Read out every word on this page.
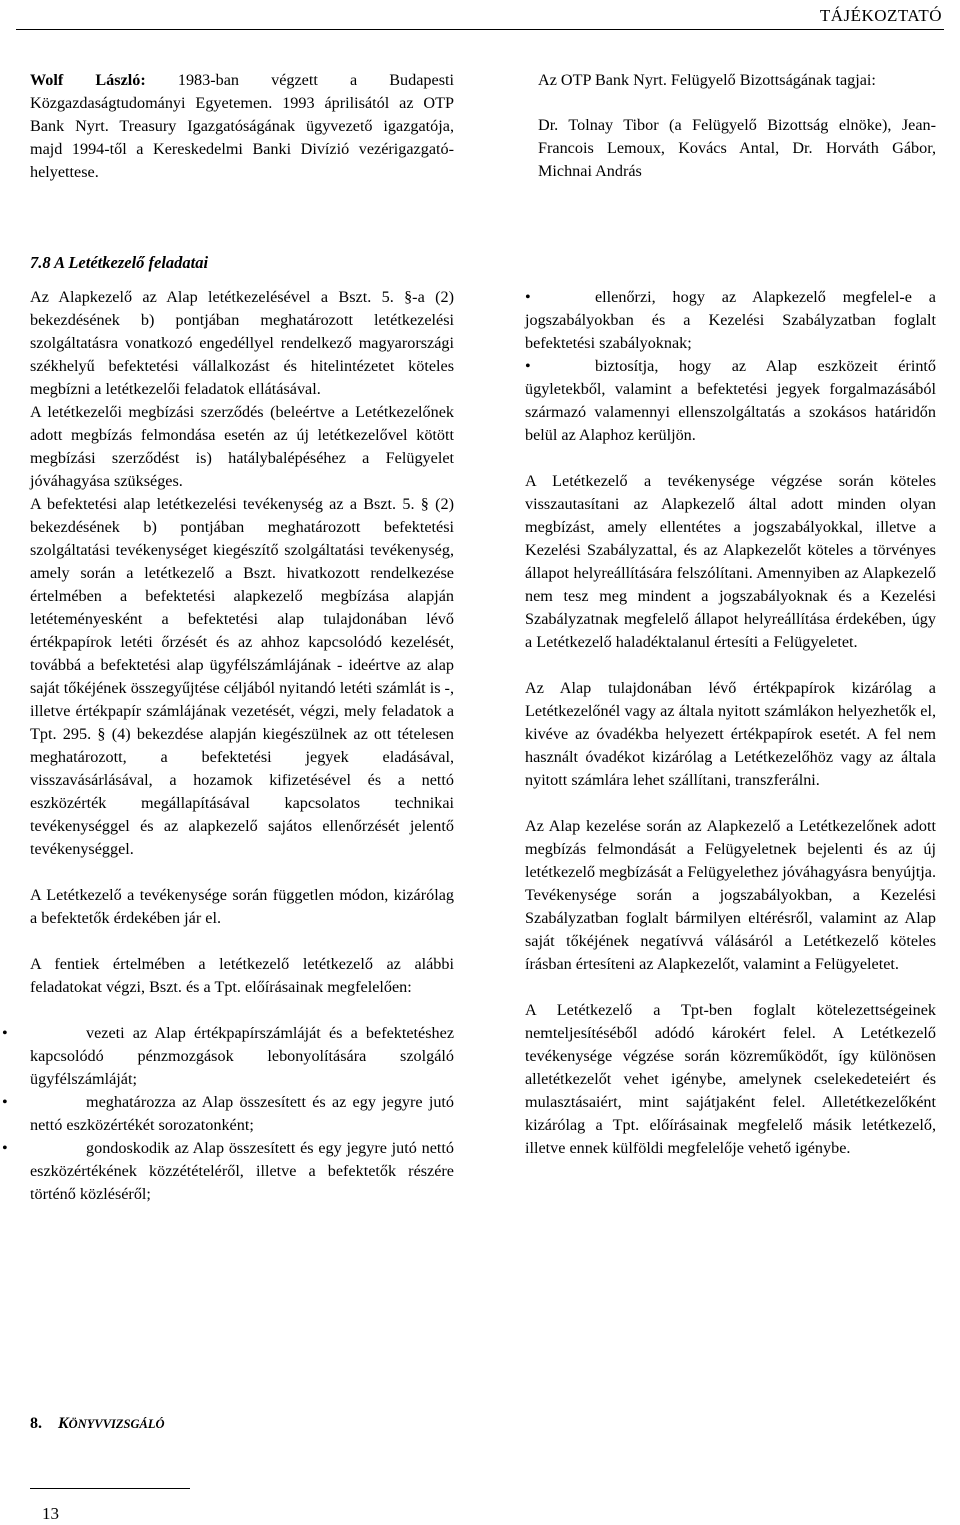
TÁJÉKOZTATÓ

Wolf László: 1983-ban végzett a Budapesti Közgazdaságtudományi Egyetemen. 1993 áprilisától az OTP Bank Nyrt. Treasury Igazgatóságának ügyvezető igazgatója, majd 1994-től a Kereskedelmi Banki Divízió vezérigazgató-helyettese.

Az OTP Bank Nyrt. Felügyelő Bizottságának tagjai:

Dr. Tolnay Tibor (a Felügyelő Bizottság elnöke), Jean-Francois Lemoux, Kovács Antal, Dr. Horváth Gábor, Michnai András

7.8 A Letétkezelő feladatai

Az Alapkezelő az Alap letétkezelésével a Bszt. 5. §-a (2) bekezdésének b) pontjában meghatározott letétkezelési szolgáltatásra vonatkozó engedéllyel rendelkező magyarországi székhelyű befektetési vállalkozást és hitelintézetet köteles megbízni a letétkezelői feladatok ellátásával.

A letétkezelői megbízási szerződés (beleértve a Letétkezelőnek adott megbízás felmondása esetén az új letétkezelővel kötött megbízási szerződést is) hatálybalépéséhez a Felügyelet jóváhagyása szükséges.

A befektetési alap letétkezelési tevékenység az a Bszt. 5. § (2) bekezdésének b) pontjában meghatározott befektetési szolgáltatási tevékenységet kiegészítő szolgáltatási tevékenység, amely során a letétkezelő a Bszt. hivatkozott rendelkezése értelmében a befektetési alapkezelő megbízása alapján letéteményesként a befektetési alap tulajdonában lévő értékpapírok letéti őrzését és az ahhoz kapcsolódó kezelését, továbbá a befektetési alap ügyfélszámlájának - ideértve az alap saját tőkéjének összegyűjtése céljából nyitandó letéti számlát is -, illetve értékpapír számlájának vezetését, végzi, mely feladatok a Tpt. 295. § (4) bekezdése alapján kiegészülnek az ott tételesen meghatározott, a befektetési jegyek eladásával, visszavásárlásával, a hozamok kifizetésével és a nettó eszközérték megállapításával kapcsolatos technikai tevékenységgel és az alapkezelő sajátos ellenőrzését jelentő tevékenységgel.

A Letétkezelő a tevékenysége során független módon, kizárólag a befektetők érdekében jár el.

A fentiek értelmében a letétkezelő letétkezelő az alábbi feladatokat végzi, Bszt. és a Tpt. előírásainak megfelelően:

•	vezeti az Alap értékpapírszámláját és a befektetéshez kapcsolódó pénzmozgások lebonyolítására szolgáló ügyfélszámláját;

•	meghatározza az Alap összesített és az egy jegyre jutó nettó eszközértékét sorozatonként;

•	gondoskodik az Alap összesített és egy jegyre jutó nettó eszközértékének közzétételéről, illetve a befektetők részére történő közléséről;

•	ellenőrzi, hogy az Alapkezelő megfelel-e a jogszabályokban és a Kezelési Szabályzatban foglalt befektetési szabályoknak;

•	biztosítja, hogy az Alap eszközeit érintő ügyletekből, valamint a befektetési jegyek forgalmazásából származó valamennyi ellenszolgáltatás a szokásos határidőn belül az Alaphoz kerüljön.

A Letétkezelő a tevékenysége végzése során köteles visszautasítani az Alapkezelő által adott minden olyan megbízást, amely ellentétes a jogszabályokkal, illetve a Kezelési Szabályzattal, és az Alapkezelőt köteles a törvényes állapot helyreállítására felszólítani. Amennyiben az Alapkezelő nem tesz meg mindent a jogszabályoknak és a Kezelési Szabályzatnak megfelelő állapot helyreállítása érdekében, úgy a Letétkezelő haladéktalanul értesíti a Felügyeletet.

Az Alap tulajdonában lévő értékpapírok kizárólag a Letétkezelőnél vagy az általa nyitott számlákon helyezhetők el, kivéve az óvadékba helyezett értékpapírok esetét. A fel nem használt óvadékot kizárólag a Letétkezelőhöz vagy az általa nyitott számlára lehet szállítani, transzferálni.

Az Alap kezelése során az Alapkezelő a Letétkezelőnek adott megbízás felmondását a Felügyeletnek bejelenti és az új letétkezelő megbízását a Felügyelethez jóváhagyásra benyújtja. Tevékenysége során a jogszabályokban, a Kezelési Szabályzatban foglalt bármilyen eltérésről, valamint az Alap saját tőkéjének negatívvá válásáról a Letétkezelő köteles írásban értesíteni az Alapkezelőt, valamint a Felügyeletet.

A Letétkezelő a Tpt-ben foglalt kötelezettségeinek nemteljesítéséből adódó károkért felel. A Letétkezelő tevékenysége végzése során közreműködőt, így különösen alletétkezelőt vehet igénybe, amelynek cselekedeteiért és mulasztásaiért, mint sajátjaként felel. Alletétkezelőként kizárólag a Tpt. előírásainak megfelelő másik letétkezelő, illetve ennek külföldi megfelelője vehető igénybe.

8. KÖNYVVIZSGÁLÓ
13
